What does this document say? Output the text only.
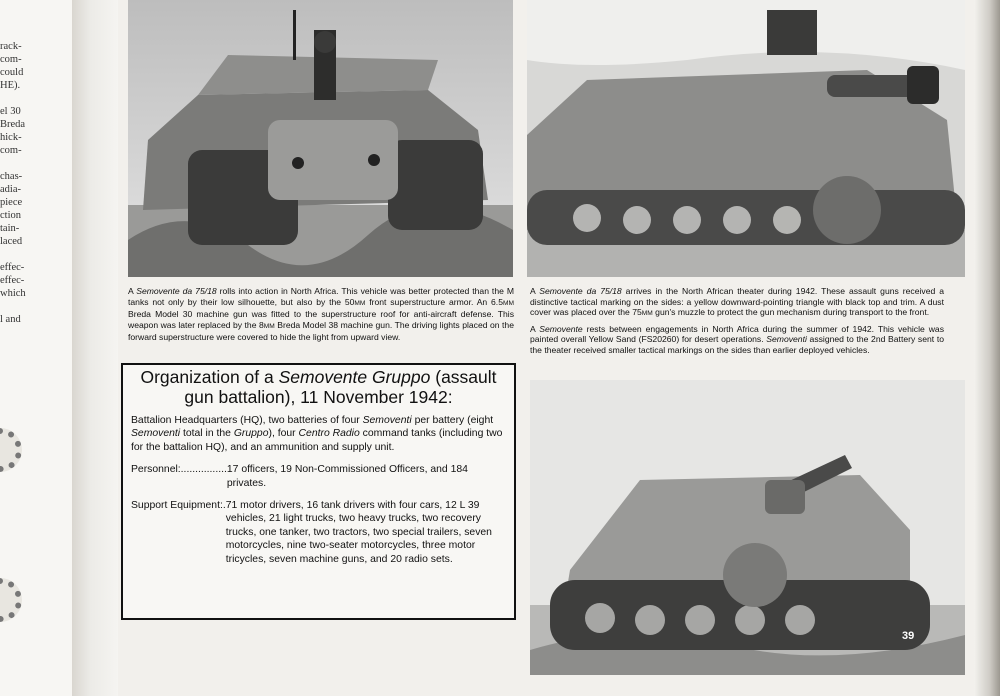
rack-
com-
could
HE).
el 30
Breda
hick-
com-
chas-
adia-
piece
ction
tain-
laced
effec-
effec-
which
l and
39

A Semovente da 75/18 rolls into action in North Africa. This vehicle was better protected than the M tanks not only by their low silhouette, but also by the 50MM front superstructure armor. An 6.5MM Breda Model 30 machine gun was fitted to the superstructure roof for anti-aircraft defense. This weapon was later replaced by the 8MM Breda Model 38 machine gun. The driving lights placed on the forward superstructure were covered to hide the light from upward view.

A Semovente da 75/18 arrives in the North African theater during 1942. These assault guns received a distinctive tactical marking on the sides: a yellow downward-pointing triangle with black top and trim. A dust cover was placed over the 75MM gun's muzzle to protect the gun mechanism during transport to the front.

A Semovente rests between engagements in North Africa during the summer of 1942. This vehicle was painted overall Yellow Sand (FS20260) for desert operations. Semoventi assigned to the 2nd Battery sent to the theater received smaller tactical markings on the sides than earlier deployed vehicles.

Organization of a Semovente Gruppo (assault gun battalion), 11 November 1942:

Battalion Headquarters (HQ), two batteries of four Semoventi per battery (eight Semoventi total in the Gruppo), four Centro Radio command tanks (including two for the battalion HQ), and an ammunition and supply unit.

Personnel:................ 17 officers, 19 Non-Commissioned Officers, and 184 privates.
Support Equipment:. 71 motor drivers, 16 tank drivers with four cars, 12 L 39 vehicles, 21 light trucks, two heavy trucks, two recovery trucks, one tanker, two tractors, two special trailers, seven motorcycles, nine two-seater motorcycles, three motor tricycles, seven machine guns, and 20 radio sets.
